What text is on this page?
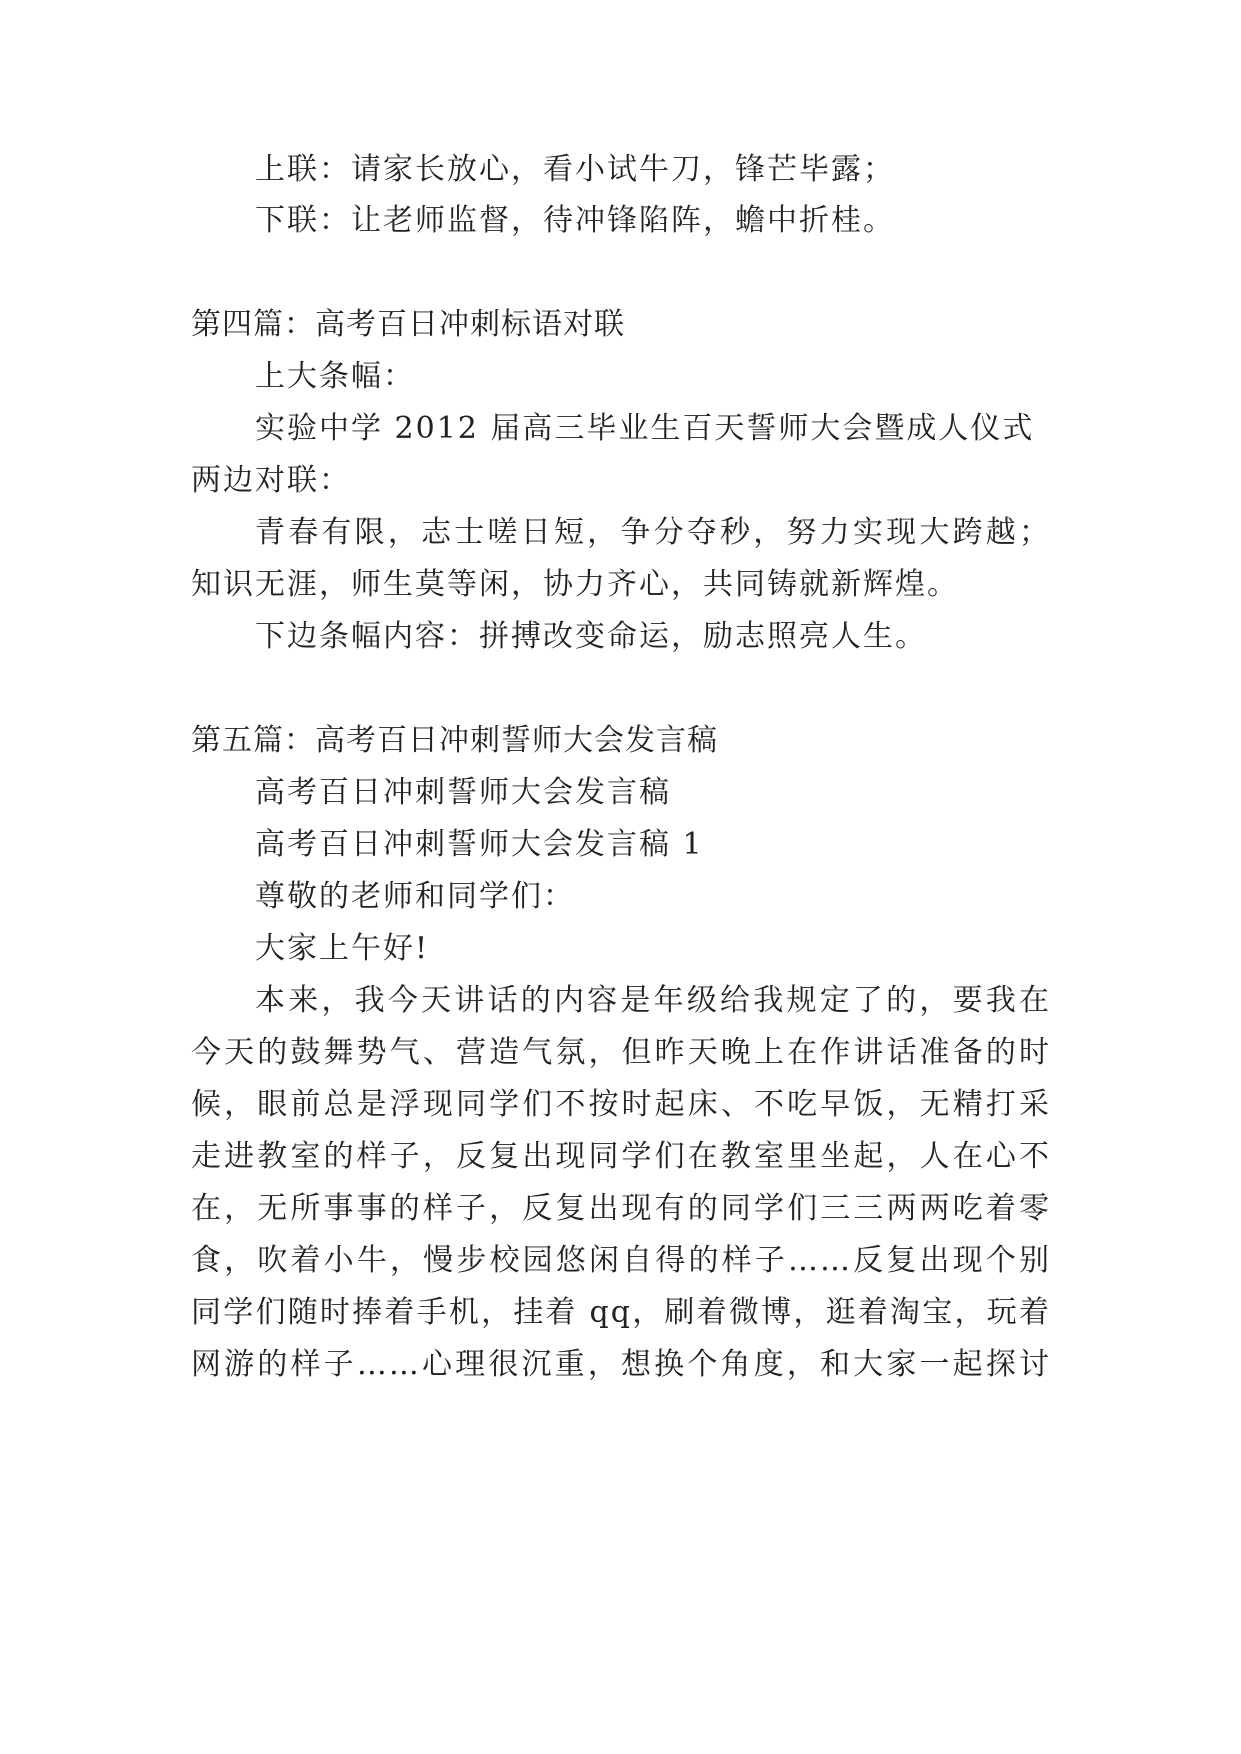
上联：请家长放心，看小试牛刀，锋芒毕露；
下联：让老师监督，待冲锋陷阵，蟾中折桂。
第四篇：高考百日冲刺标语对联
上大条幅：
实验中学 2012 届高三毕业生百天誓师大会暨成人仪式
两边对联：
青春有限，志士嗟日短，争分夺秒，努力实现大跨越；
知识无涯，师生莫等闲，协力齐心，共同铸就新辉煌。
下边条幅内容：拼搏改变命运，励志照亮人生。
第五篇：高考百日冲刺誓师大会发言稿
高考百日冲刺誓师大会发言稿
高考百日冲刺誓师大会发言稿 1
尊敬的老师和同学们：
大家上午好!
本来，我今天讲话的内容是年级给我规定了的，要我在
今天的鼓舞势气、营造气氛，但昨天晚上在作讲话准备的时
候，眼前总是浮现同学们不按时起床、不吃早饭，无精打采
走进教室的样子，反复出现同学们在教室里坐起，人在心不
在，无所事事的样子，反复出现有的同学们三三两两吃着零
食，吹着小牛，慢步校园悠闲自得的样子……反复出现个别
同学们随时捧着手机，挂着 qq，刷着微博，逛着淘宝，玩着
网游的样子……心理很沉重，想换个角度，和大家一起探讨
